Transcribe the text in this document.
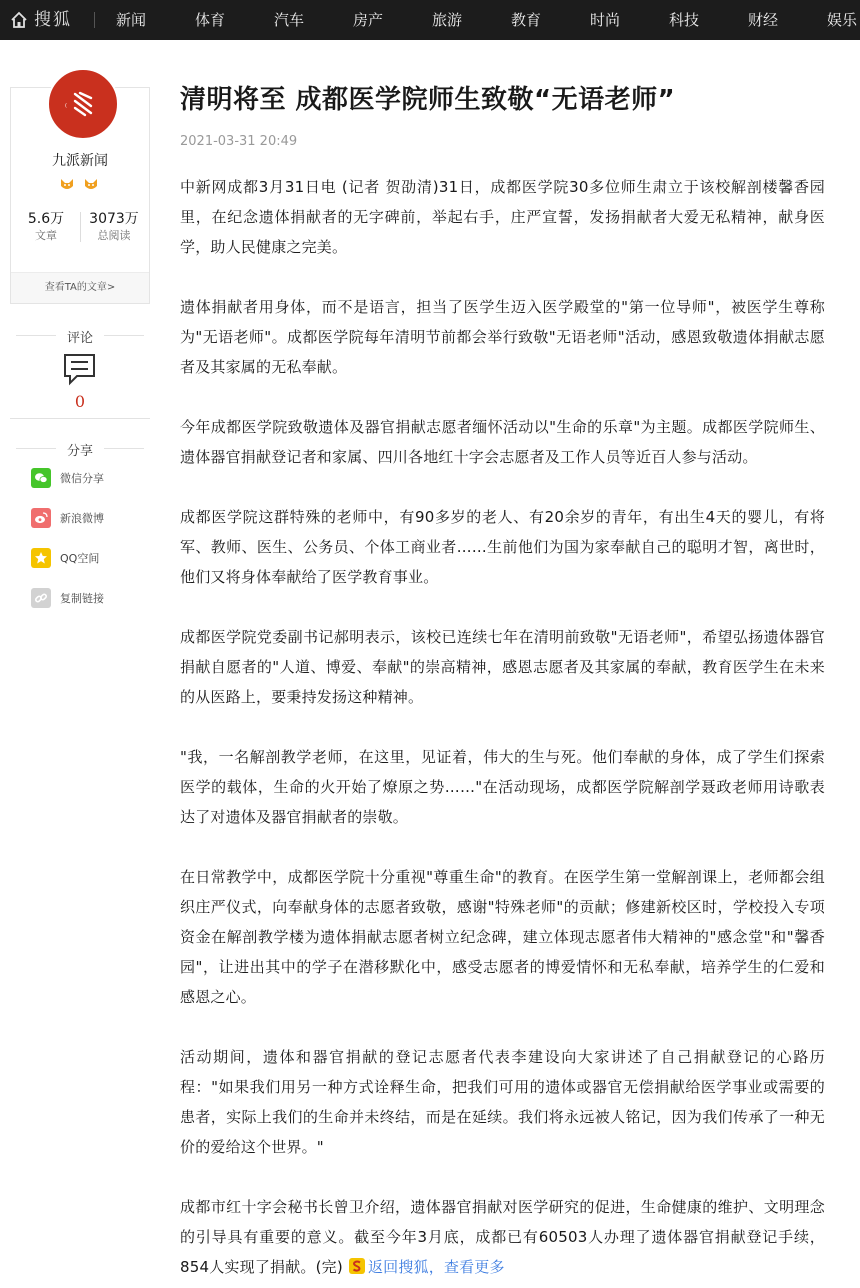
搜狐	新闻	体育	汽车	房产	旅游	教育	时尚	科技	财经	娱乐
(
九派新闻
5.6万
文章
3073万
总阅读
查看TA的文章>
评论
0
分享
微信分享
新浪微博
QQ空间
复制链接
清明将至 成都医学院师生致敬“无语老师”
2021-03-31 20:49

中新网成都3月31日电 (记者 贺劭清)31日，成都医学院30多位师生肃立于该校解剖楼馨香园里，在纪念遗体捐献者的无字碑前，举起右手，庄严宣誓，发扬捐献者大爱无私精神，献身医学，助人民健康之完美。

遗体捐献者用身体，而不是语言，担当了医学生迈入医学殿堂的"第一位导师"，被医学生尊称为"无语老师"。成都医学院每年清明节前都会举行致敬"无语老师"活动，感恩致敬遗体捐献志愿者及其家属的无私奉献。

今年成都医学院致敬遗体及器官捐献志愿者缅怀活动以"生命的乐章"为主题。成都医学院师生、遗体器官捐献登记者和家属、四川各地红十字会志愿者及工作人员等近百人参与活动。

成都医学院这群特殊的老师中，有90多岁的老人、有20余岁的青年，有出生4天的婴儿，有将军、教师、医生、公务员、个体工商业者……生前他们为国为家奉献自己的聪明才智，离世时，他们又将身体奉献给了医学教育事业。

成都医学院党委副书记郝明表示，该校已连续七年在清明前致敬"无语老师"，希望弘扬遗体器官捐献自愿者的"人道、博爱、奉献"的崇高精神，感恩志愿者及其家属的奉献，教育医学生在未来的从医路上，要秉持发扬这种精神。

"我，一名解剖教学老师，在这里，见证着，伟大的生与死。他们奉献的身体，成了学生们探索医学的载体，生命的火开始了燎原之势……"在活动现场，成都医学院解剖学聂政老师用诗歌表达了对遗体及器官捐献者的崇敬。

在日常教学中，成都医学院十分重视"尊重生命"的教育。在医学生第一堂解剖课上，老师都会组织庄严仪式，向奉献身体的志愿者致敬，感谢"特殊老师"的贡献；修建新校区时，学校投入专项资金在解剖教学楼为遗体捐献志愿者树立纪念碑，建立体现志愿者伟大精神的"感念堂"和"馨香园"，让进出其中的学子在潜移默化中，感受志愿者的博爱情怀和无私奉献，培养学生的仁爱和感恩之心。

活动期间，遗体和器官捐献的登记志愿者代表李建设向大家讲述了自己捐献登记的心路历程："如果我们用另一种方式诠释生命，把我们可用的遗体或器官无偿捐献给医学事业或需要的患者，实际上我们的生命并未终结，而是在延续。我们将永远被人铭记，因为我们传承了一种无价的爱给这个世界。"

成都市红十字会秘书长曾卫介绍，遗体器官捐献对医学研究的促进，生命健康的维护、文明理念的引导具有重要的意义。截至今年3月底，成都已有60503人办理了遗体器官捐献登记手续，854人实现了捐献。(完) 返回搜狐，查看更多
